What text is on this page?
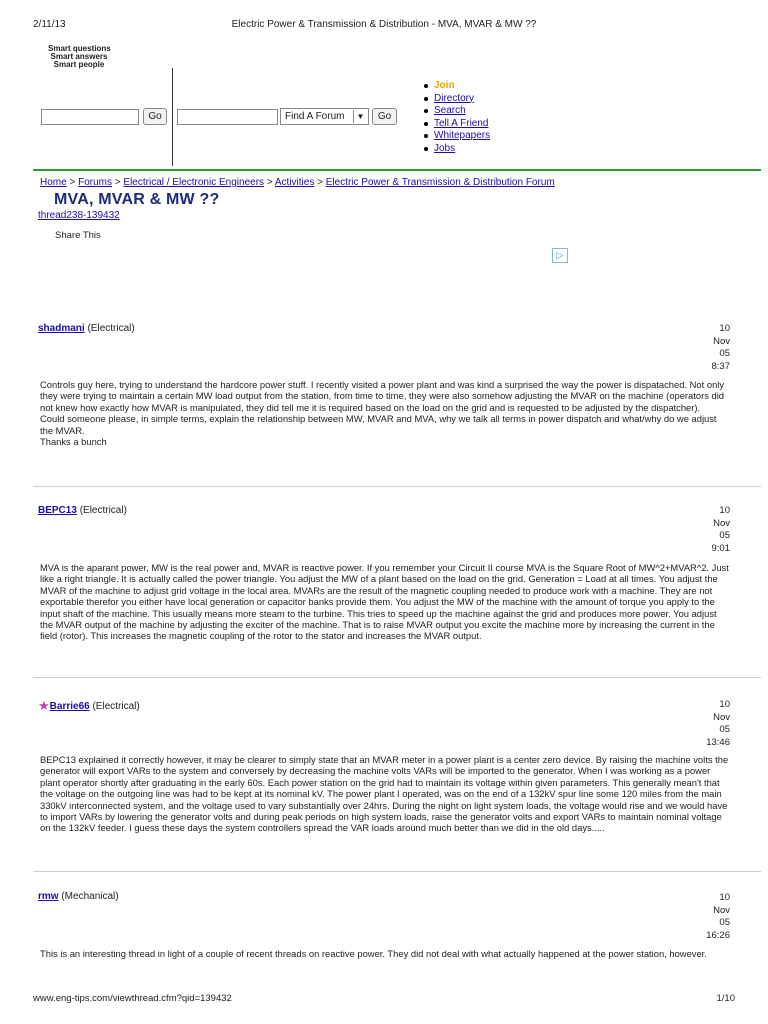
2/11/13	Electric Power & Transmission & Distribution - MVA, MVAR & MW ??
Smart questions
Smart answers
Smart people
Go	Find A Forum	▼	Go
Join
Directory
Search
Tell A Friend
Whitepapers
Jobs
Home > Forums > Electrical / Electronic Engineers > Activities > Electric Power & Transmission & Distribution Forum
MVA, MVAR & MW ??
thread238-139432
Share This
▷
shadmani (Electrical)	10
Nov
05
8:37
Controls guy here, trying to understand the hardcore power stuff. I recently visited a power plant and was kind a surprised the way the power is dispatached. Not only they were trying to maintain a certain MW load output from the station, from time to time, they were also somehow adjusting the MVAR on the machine (operators did not knew how exactly how MVAR is manipulated, they did tell me it is required based on the load on the grid and is requested to be adjusted by the dispatcher).
Could someone please, in simple terms, explain the relationship between MW, MVAR and MVA, why we talk all terms in power dispatch and what/why do we adjust the MVAR.
Thanks a bunch
BEPC13 (Electrical)	10
Nov
05
9:01
MVA is the aparant power, MW is the real power and, MVAR is reactive power. If you remember your Circuit II course MVA is the Square Root of MW^2+MVAR^2. Just like a right triangle. It is actually called the power triangle. You adjust the MW of a plant based on the load on the grid. Generation = Load at all times. You adjust the MVAR of the machine to adjust grid voltage in the local area. MVARs are the result of the magnetic coupling needed to produce work with a machine. They are not exportable therefor you either have local generation or capacitor banks provide them. You adjust the MW of the machine with the amount of torque you apply to the input shaft of the machine. This usually means more steam to the turbine. This tries to speed up the machine against the grid and produces more power. You adjust the MVAR output of the machine by adjusting the exciter of the machine. That is to raise MVAR output you excite the machine more by increasing the current in the field (rotor). This increases the magnetic coupling of the rotor to the stator and increases the MVAR output.
★Barrie66 (Electrical)	10
Nov
05
13:46
BEPC13 explained it correctly however, it may be clearer to simply state that an MVAR meter in a power plant is a center zero device. By raising the machine volts the generator will export VARs to the system and conversely by decreasing the machine volts VARs will be imported to the generator. When I was working as a power plant operator shortly after graduating in the early 60s. Each power station on the grid had to maintain its voltage within given parameters. This generally mean't that the voltage on the outgoing line was had to be kept at its nominal kV. The power plant I operated, was on the end of a 132kV spur line some 120 miles from the main 330kV interconnected system, and the voltage used to vary substantially over 24hrs. During the night on light system loads, the voltage would rise and we would have to import VARs by lowering the generator volts and during peak periods on high system loads, raise the generator volts and export VARs to maintain nominal voltage on the 132kV feeder. I guess these days the system controllers spread the VAR loads around much better than we did in the old days.....
rmw (Mechanical)	10
Nov
05
16:26
This is an interesting thread in light of a couple of recent threads on reactive power. They did not deal with what actually happened at the power station, however.
www.eng-tips.com/viewthread.cfm?qid=139432	1/10
